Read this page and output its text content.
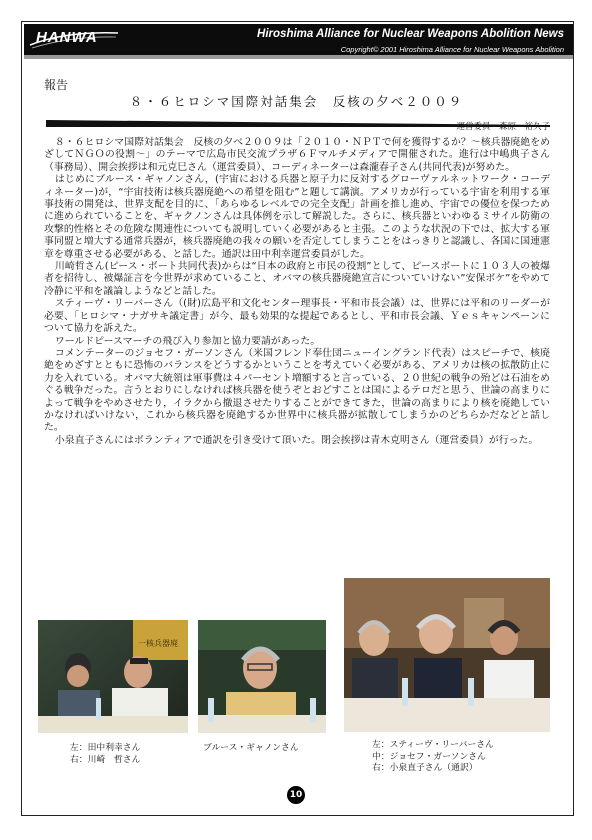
HANWA	Hiroshima Alliance for Nuclear Weapons Abolition News
Copyright© 2001 Hiroshima Alliance for Nuclear Weapons Abolition
報告
８・６ヒロシマ国際対話集会　反核の夕べ２００９
運営委員　森原　裕久子

８・６ヒロシマ国際対話集会　反核の夕べ２００９は「２０１０・ＮＰＴで何を獲得するか？～核兵器廃絶をめざしてＮＧＯの役割～」のテーマで広島市民交流プラザ６Ｆマルチメディアで開催された。進行は中嶋典子さん（事務局）、開会挨拶は和元克巳さん（運営委員）、コーディネーターは森瀧春子さん(共同代表)が努めた。

はじめにブルース・ギャノンさん，(宇宙における兵器と原子力に反対するグローヴァルネットワーク・コーディネーター)が，“宇宙技術は核兵器廃絶への希望を阻む”と題して講演。アメリカが行っている宇宙を利用する軍事技術の開発は、世界支配を目的に、「あらゆるレベルでの完全支配」計画を推し進め、宇宙での優位を保つために進められていることを、ギャクノンさんは具体例を示して解説した。さらに、核兵器といわゆるミサイル防衛の攻撃的性格とその危険な関連性についても説明していく必要があると主張。このような状況の下では、拡大する軍事同盟と増大する通常兵器が，核兵器廃絶の我々の願いを否定してしまうことをはっきりと認識し、各国に国連憲章を尊重させる必要がある、と話した。通訳は田中利幸運営委員がした。

川崎哲さん(ピース・ボート共同代表)からは“日本の政府と市民の役割”として、ピースボートに１０３人の被爆者を招待し、被爆証言を今世界が求めていること、オバマの核兵器廃絶宣言についていけない”安保ボケ”をやめて冷静に平和を議論しようなどと話した。

スティーヴ・リーバーさん（(財)広島平和文化センター理事長・平和市長会議）は、世界には平和のリーダーが必要、「ヒロシマ・ナガサキ議定書」が今、最も効果的な提起であるとし、平和市長会議、Ｙｅｓキャンペーンについて協力を訴えた。

ワールドピースマーチの飛び入り参加と協力要請があった。

コメンテーターのジョセフ・ガーソンさん（米国フレンド奉仕団ニューイングランド代表）はスピーチで、核廃絶をめざすとともに恐怖のバランスをどうするかということを考えていく必要がある、アメリカは核の拡散防止に力を入れている。オバマ大統領は軍事費は４パーセント増額すると言っている、２０世紀の戦争の殆どは石油をめぐる戦争だった。言うとおりにしなければ核兵器を使うぞとおどすことは国によるテロだと思う、世論の高まりによって戦争をやめさせたり，イラクから撤退させたりすることができてきた，世論の高まりにより核を廃絶していかなければいけない，これから核兵器を廃絶するか世界中に核兵器が拡散してしまうかのどちらかだなどと話した。

小泉直子さんにはボランティアで通訳を引き受けて頂いた。閉会挨拶は青木克明さん（運営委員）が行った。

一核兵器廃
左：田中利幸さん
右：川崎　哲さん
ブルース・ギャノンさん	左：スティーヴ・リーバーさん
中：ジョセフ・ガーソンさん
右：小泉直子さん（通訳）
10
